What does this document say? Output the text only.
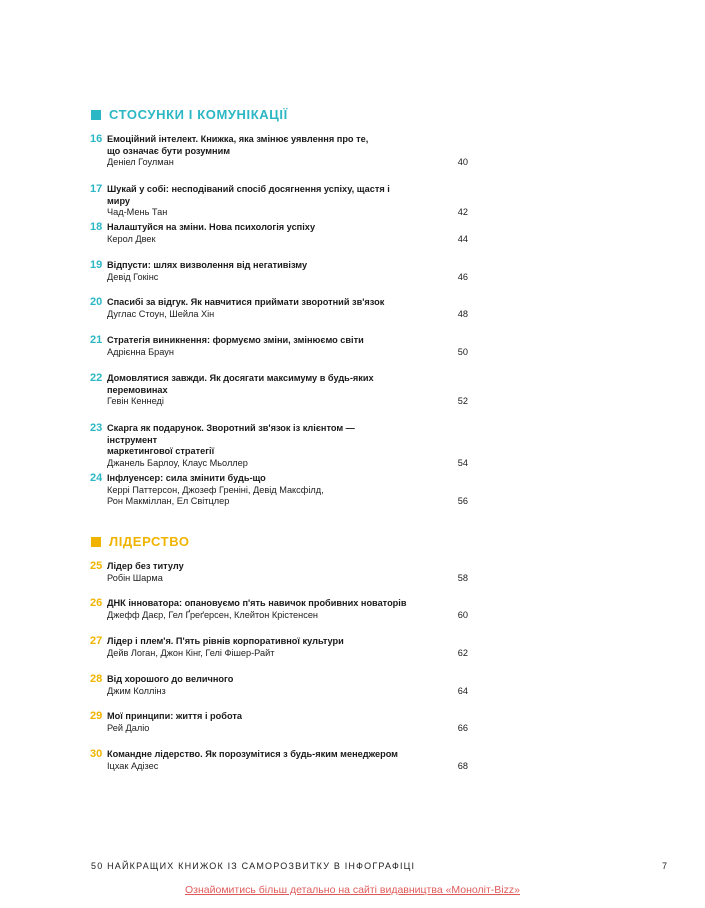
СТОСУНКИ І КОМУНІКАЦІЇ
16 Емоційний інтелект. Книжка, яка змінює уявлення про те,
що означає бути розумним
Деніел Гоулман	40
17 Шукай у собі: несподіваний спосіб досягнення успіху, щастя і миру
Чад-Мень Тан	42
18 Налаштуйся на зміни. Нова психологія успіху
Керол Двек	44
19 Відпусти: шлях визволення від негативізму
Девід Гокінс	46
20 Спасибі за відгук. Як навчитися приймати зворотний зв'язок
Дуглас Стоун, Шейла Хін	48
21 Стратегія виникнення: формуємо зміни, змінюємо світи
Адрієнна Браун	50
22 Домовлятися завжди. Як досягати максимуму в будь-яких
перемовинах
Гевін Кеннеді	52
23 Скарга як подарунок. Зворотний зв'язок із клієнтом — інструмент
маркетингової стратегії
Джанель Барлоу, Клаус Мьоллер	54
24 Інфлуенсер: сила змінити будь-що
Керрі Паттерсон, Джозеф Греніні, Девід Максфілд,
Рон Макміллан, Ел Світцлер	56
ЛІДЕРСТВО
25 Лідер без титулу
Робін Шарма	58
26 ДНК інноватора: опановуємо п'ять навичок пробивних новаторів
Джефф Даєр, Гел Ґреґерсен, Клейтон Крістенсен	60
27 Лідер і плем'я. П'ять рівнів корпоративної культури
Дейв Логан, Джон Кінг, Гелі Фішер-Райт	62
28 Від хорошого до величного
Джим Коллінз	64
29 Мої принципи: життя і робота
Рей Даліо	66
30 Командне лідерство. Як порозумітися з будь-яким менеджером
Іцхак Адізес	68
50 НАЙКРАЩИХ КНИЖОК ІЗ САМОРОЗВИТКУ В ІНФОГРАФІЦІ	7
Ознайомитись більш детально на сайті видавництва «Моноліт-Bizz»
